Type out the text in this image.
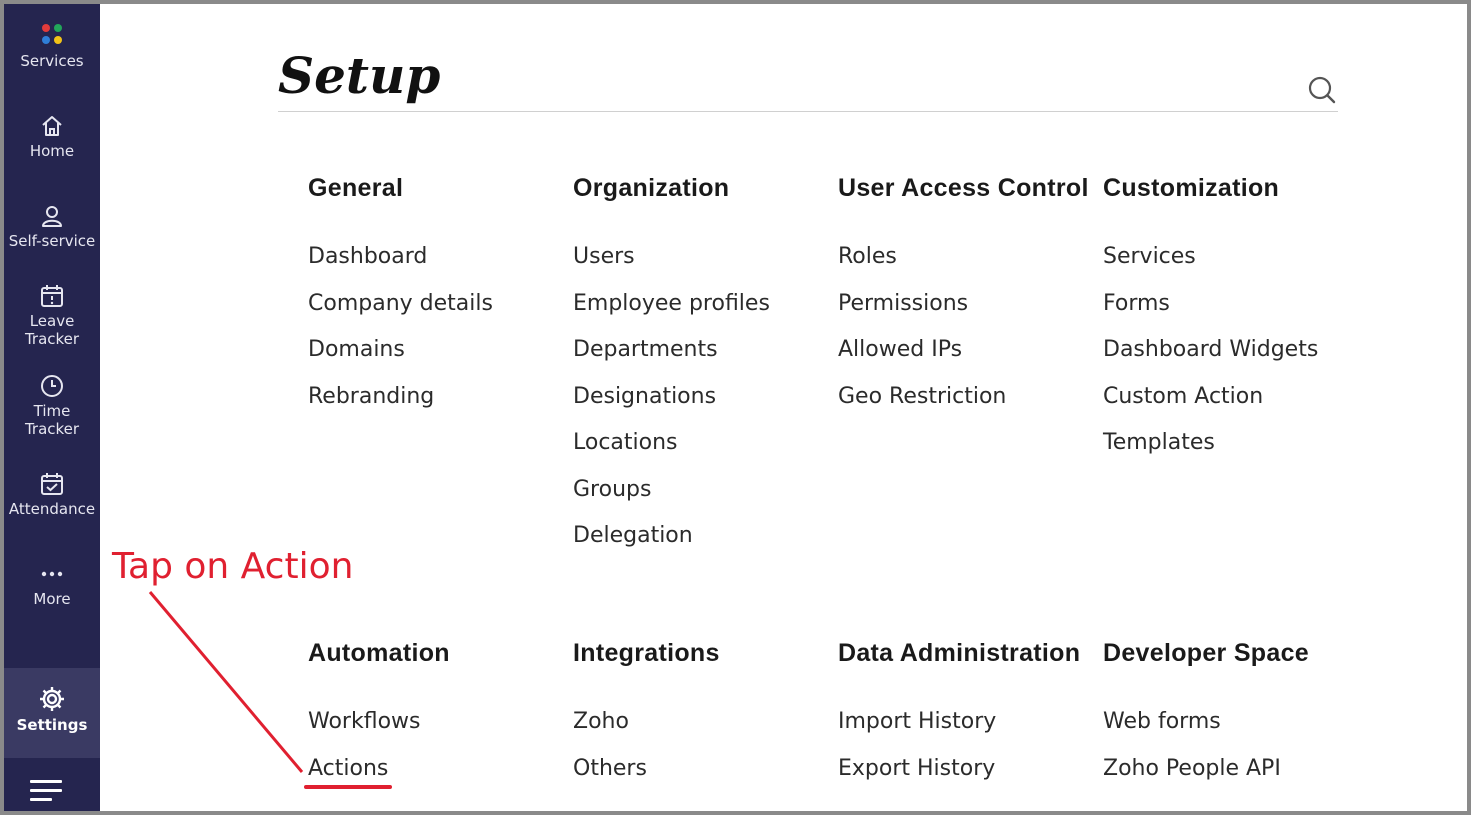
Services
Home
Self-service
Leave
Tracker
Time
Tracker
Attendance
More
Settings
Setup
General	Organization	User Access Control Customization
Dashboard
Company details
Domains
Rebranding
Users
Employee profiles
Departments
Designations
Locations
Groups
Delegation
Roles
Permissions
Allowed IPs
Geo Restriction
Services
Forms
Dashboard Widgets
Custom Action
Templates
Automation	Integrations	Data Administration Developer Space
Workflows
Actions
Zoho
Others
Import History
Export History
Web forms
Zoho People API
Tap on Action
